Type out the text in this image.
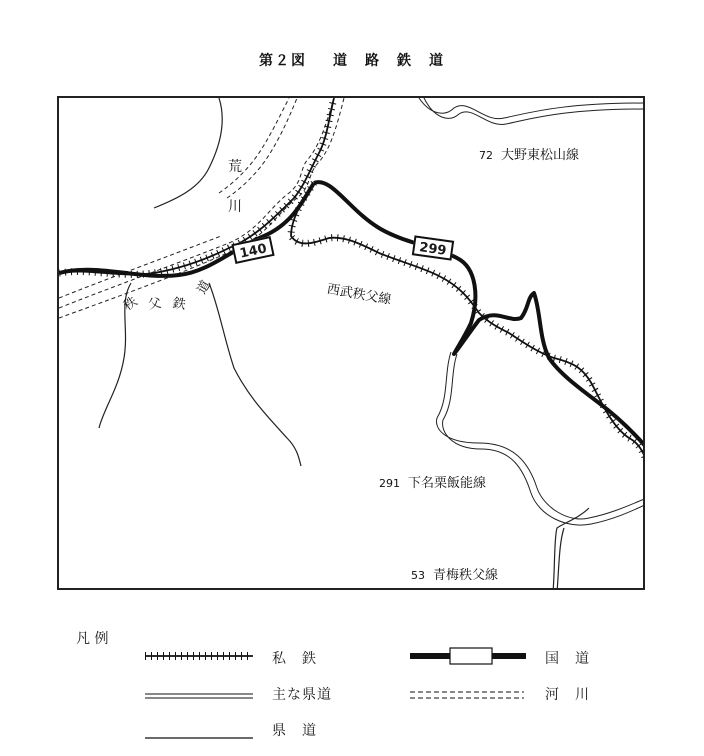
第２図 道　路　鉄　道
荒
川
秩 父 鉄 道	西武秩父線
140	299
72 大野東松山線
291 下名栗飯能線
53 青梅秩父線
凡 例
私　鉄	国　道
主な県道	河　川
県　道
